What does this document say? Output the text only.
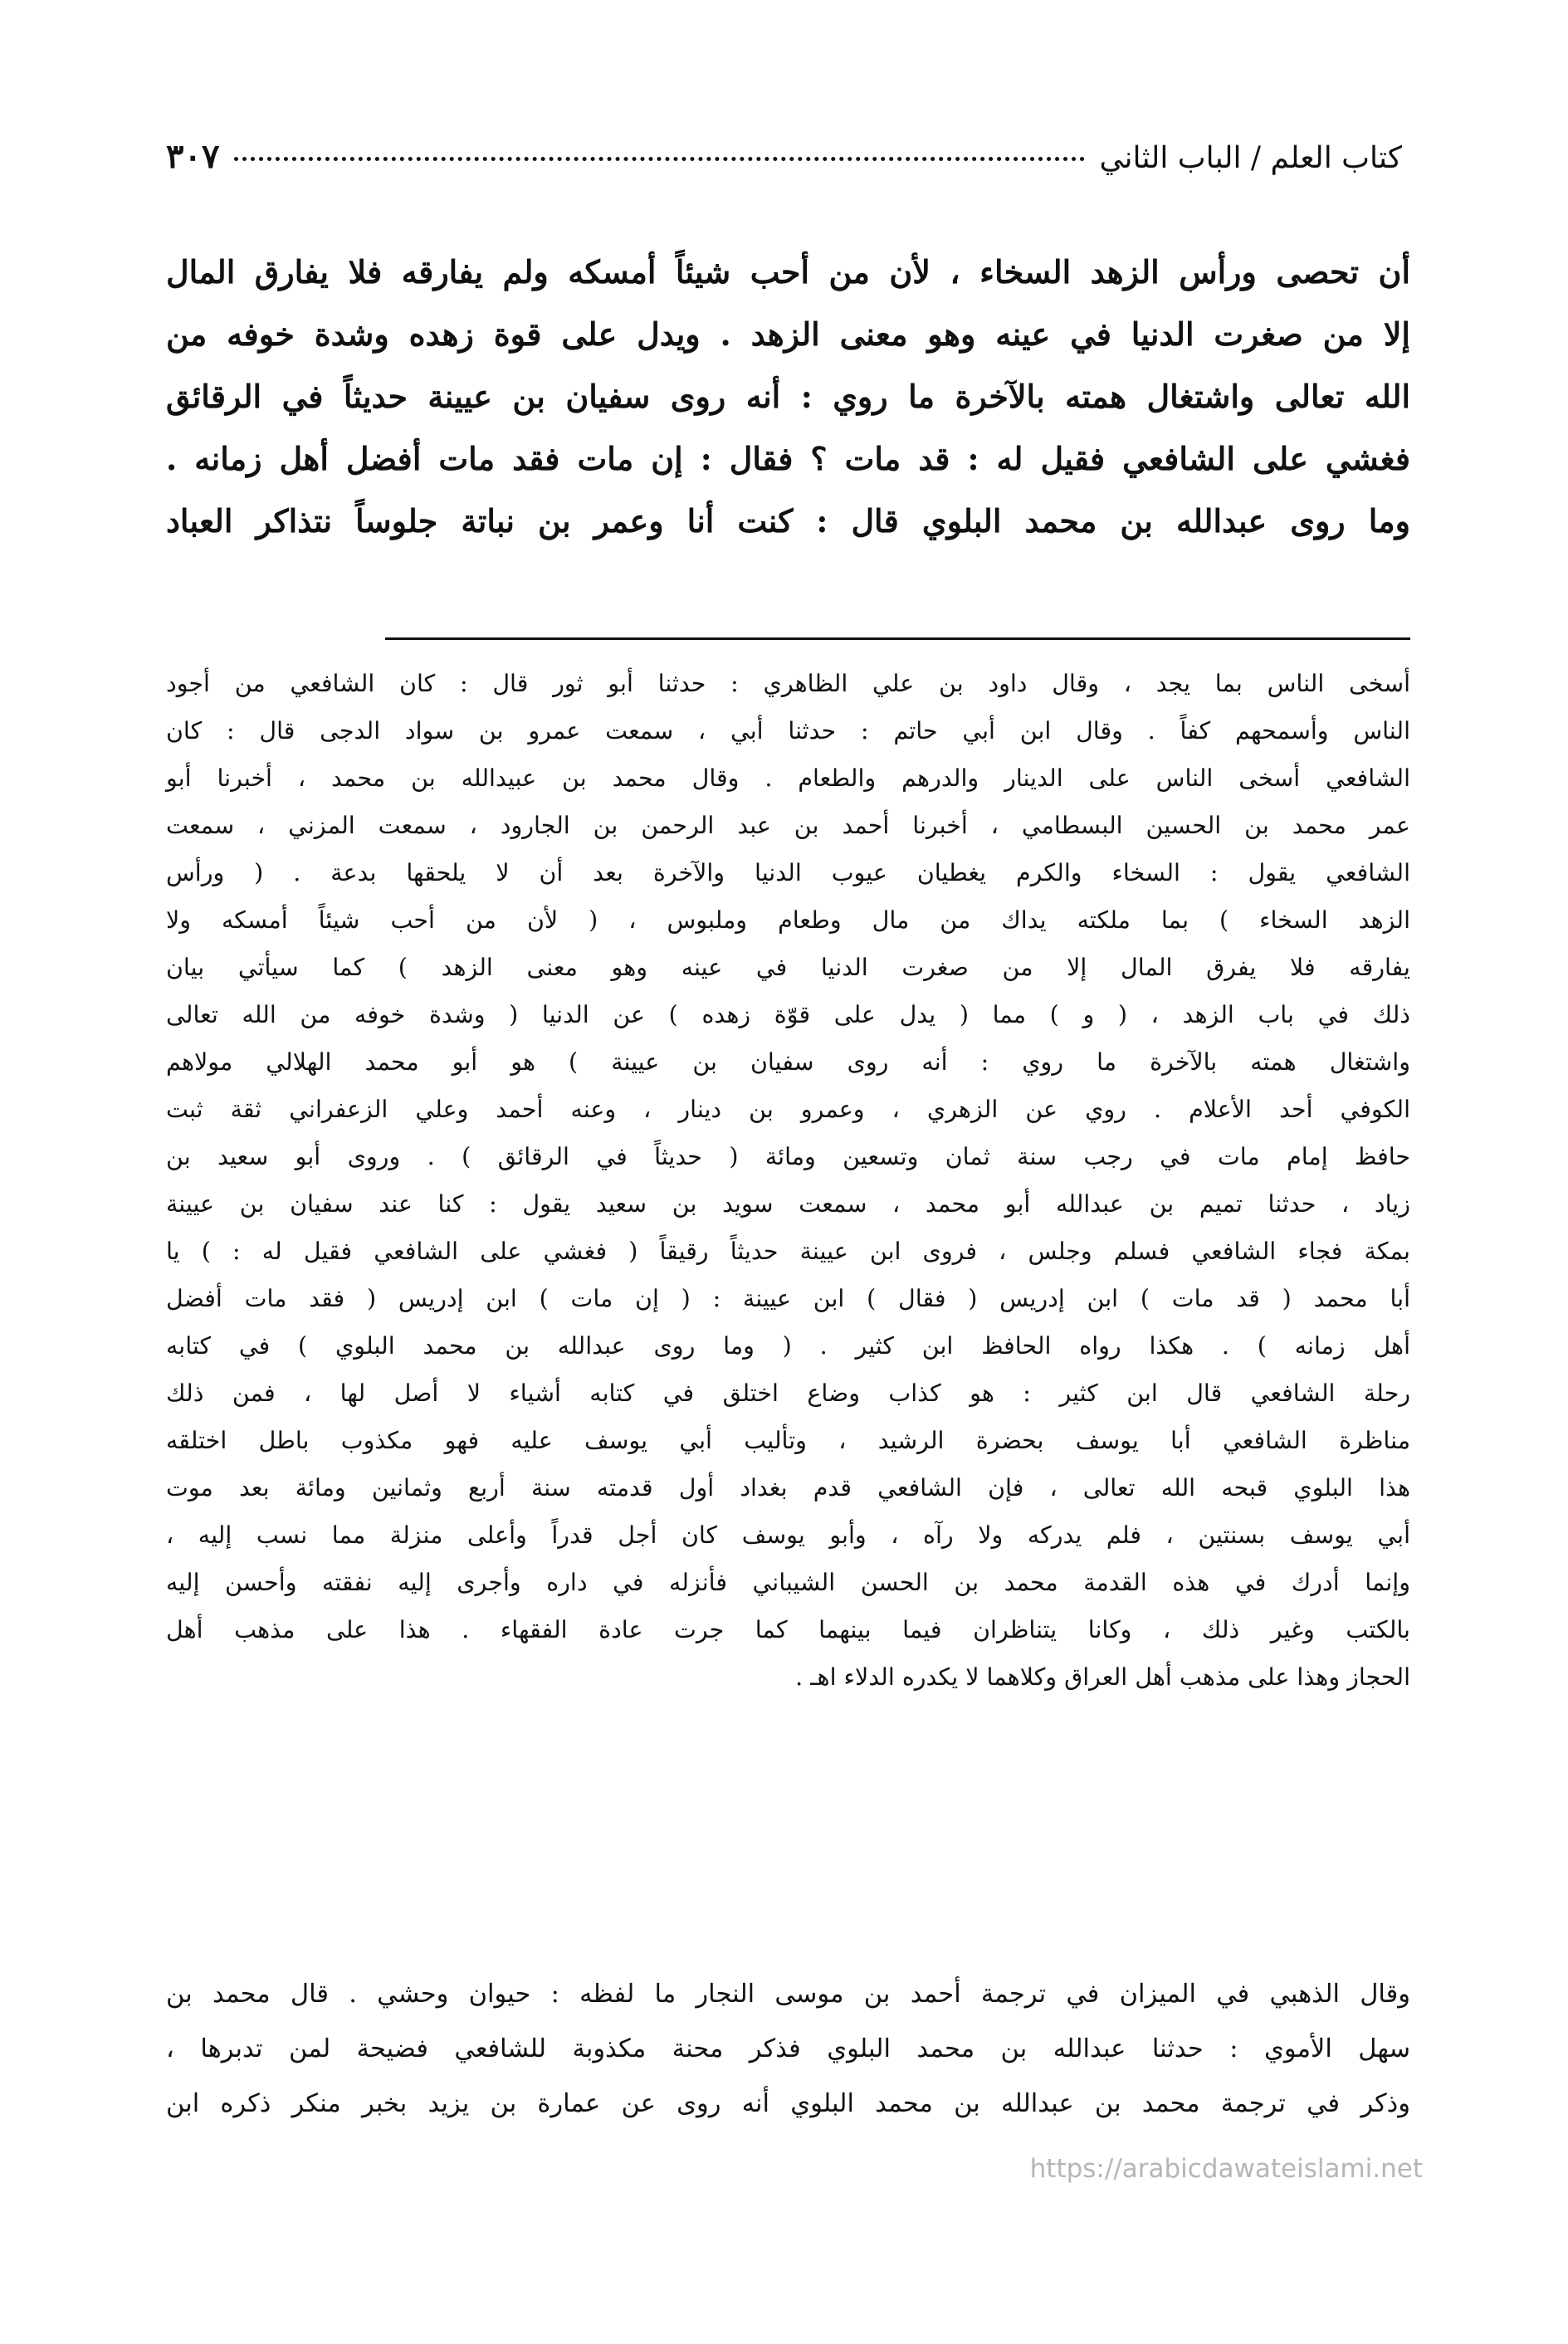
كتاب العلم / الباب الثاني
٣٠٧

أن تحصى ورأس الزهد السخاء ، لأن من أحب شيئاً أمسكه ولم يفارقه فلا يفارق المال

إلا من صغرت الدنيا في عينه وهو معنى الزهد . ويدل على قوة زهده وشدة خوفه من

الله تعالى واشتغال همته بالآخرة ما روي : أنه روى سفيان بن عيينة حديثاً في الرقائق

فغشي على الشافعي فقيل له : قد مات ؟ فقال : إن مات فقد مات أفضل أهل زمانه .

وما روى عبدالله بن محمد البلوي قال : كنت أنا وعمر بن نباتة جلوساً نتذاكر العباد

أسخى الناس بما يجد ، وقال داود بن علي الظاهري : حدثنا أبو ثور قال : كان الشافعي من أجود

الناس وأسمحهم كفاً . وقال ابن أبي حاتم : حدثنا أبي ، سمعت عمرو بن سواد الدجى قال : كان

الشافعي أسخى الناس على الدينار والدرهم والطعام . وقال محمد بن عبيدالله بن محمد ، أخبرنا أبو

عمر محمد بن الحسين البسطامي ، أخبرنا أحمد بن عبد الرحمن بن الجارود ، سمعت المزني ، سمعت

الشافعي يقول : السخاء والكرم يغطيان عيوب الدنيا والآخرة بعد أن لا يلحقها بدعة . ( ورأس

الزهد السخاء ) بما ملكته يداك من مال وطعام وملبوس ، ( لأن من أحب شيئاً أمسكه ولا

يفارقه فلا يفرق المال إلا من صغرت الدنيا في عينه وهو معنى الزهد ) كما سيأتي بيان

ذلك في باب الزهد ، ( و ) مما ( يدل على قوّة زهده ) عن الدنيا ( وشدة خوفه من الله تعالى

واشتغال همته بالآخرة ما روي : أنه روى سفيان بن عيينة ) هو أبو محمد الهلالي مولاهم

الكوفي أحد الأعلام . روي عن الزهري ، وعمرو بن دينار ، وعنه أحمد وعلي الزعفراني ثقة ثبت

حافظ إمام مات في رجب سنة ثمان وتسعين ومائة ( حديثاً في الرقائق ) . وروى أبو سعيد بن

زياد ، حدثنا تميم بن عبدالله أبو محمد ، سمعت سويد بن سعيد يقول : كنا عند سفيان بن عيينة

بمكة فجاء الشافعي فسلم وجلس ، فروى ابن عيينة حديثاً رقيقاً ( فغشي على الشافعي فقيل له : ) يا

أبا محمد ( قد مات ) ابن إدريس ( فقال ) ابن عيينة : ( إن مات ) ابن إدريس ( فقد مات أفضل

أهل زمانه ) . هكذا رواه الحافظ ابن كثير . ( وما روى عبدالله بن محمد البلوي ) في كتابه

رحلة الشافعي قال ابن كثير : هو كذاب وضاع اختلق في كتابه أشياء لا أصل لها ، فمن ذلك

مناظرة الشافعي أبا يوسف بحضرة الرشيد ، وتأليب أبي يوسف عليه فهو مكذوب باطل اختلقه

هذا البلوي قبحه الله تعالى ، فإن الشافعي قدم بغداد أول قدمته سنة أربع وثمانين ومائة بعد موت

أبي يوسف بسنتين ، فلم يدركه ولا رآه ، وأبو يوسف كان أجل قدراً وأعلى منزلة مما نسب إليه ،

وإنما أدرك في هذه القدمة محمد بن الحسن الشيباني فأنزله في داره وأجرى إليه نفقته وأحسن إليه

بالكتب وغير ذلك ، وكانا يتناظران فيما بينهما كما جرت عادة الفقهاء . هذا على مذهب أهل

الحجاز وهذا على مذهب أهل العراق وكلاهما لا يكدره الدلاء اهـ .

وقال الذهبي في الميزان في ترجمة أحمد بن موسى النجار ما لفظه : حيوان وحشي . قال محمد بن

سهل الأموي : حدثنا عبدالله بن محمد البلوي فذكر محنة مكذوبة للشافعي فضيحة لمن تدبرها ،

وذكر في ترجمة محمد بن عبدالله بن محمد البلوي أنه روى عن عمارة بن يزيد بخبر منكر ذكره ابن

https://arabicdawateislami.net
